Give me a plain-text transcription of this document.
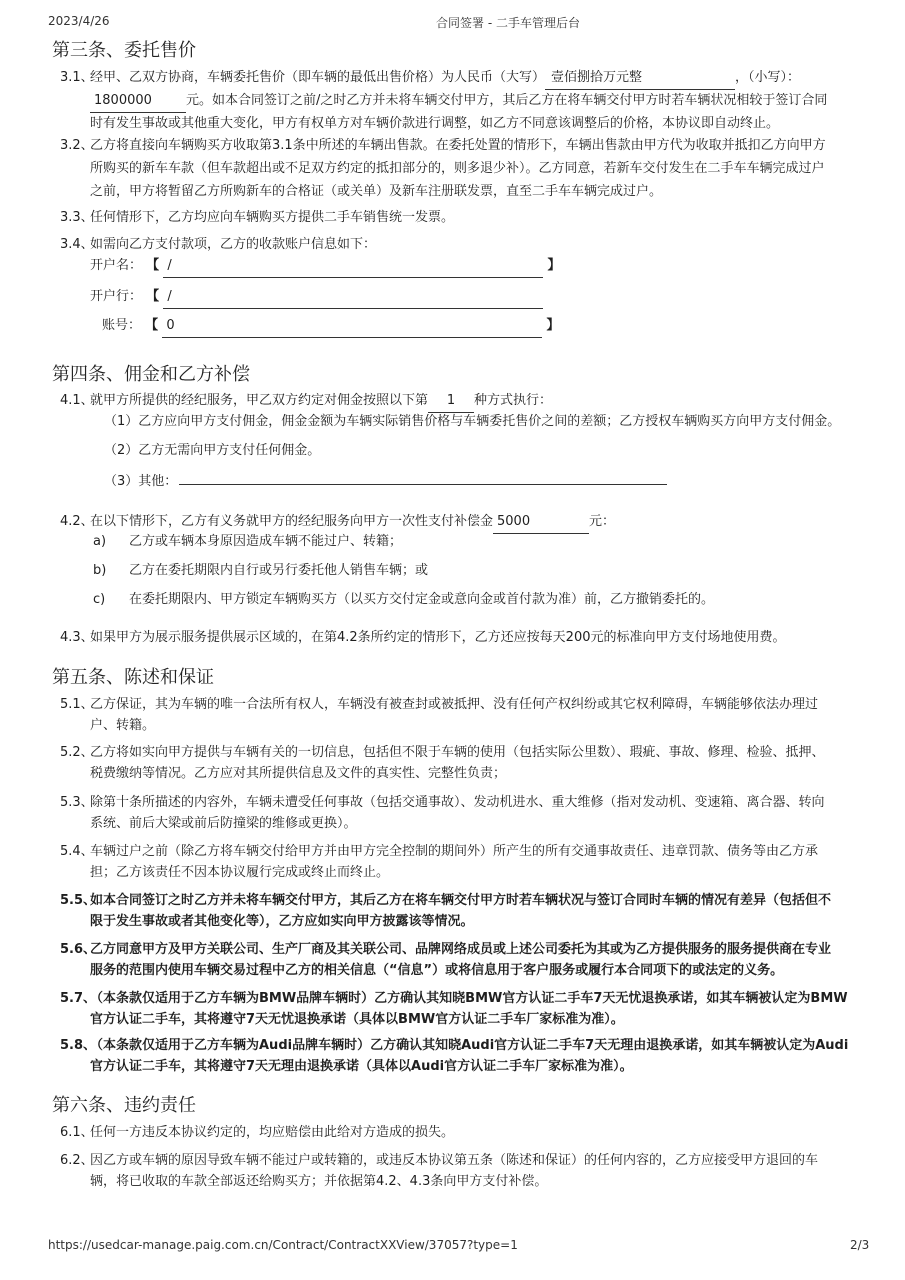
2023/4/26	合同签署 - 二手车管理后台
第三条、委托售价
3.1、经甲、乙双方协商，车辆委托售价（即车辆的最低出售价格）为人民币（大写） 壹佰捌拾万元整	，（小写）：
1800000	元。如本合同签订之前/之时乙方并未将车辆交付甲方，其后乙方在将车辆交付甲方时若车辆状况相较于签订合同
时有发生事故或其他重大变化，甲方有权单方对车辆价款进行调整，如乙方不同意该调整后的价格，本协议即自动终止。
3.2、乙方将直接向车辆购买方收取第3.1条中所述的车辆出售款。在委托处置的情形下，车辆出售款由甲方代为收取并抵扣乙方向甲方
所购买的新车车款（但车款超出或不足双方约定的抵扣部分的，则多退少补）。乙方同意，若新车交付发生在二手车车辆完成过户
之前，甲方将暂留乙方所购新车的合格证（或关单）及新车注册联发票，直至二手车车辆完成过户。
3.3、任何情形下，乙方均应向车辆购买方提供二手车销售统一发票。
3.4、如需向乙方支付款项，乙方的收款账户信息如下：
开户名： 【 /	】
开户行： 【 /
账号： 【 0	】
第四条、佣金和乙方补偿
4.1、就甲方所提供的经纪服务，甲乙双方约定对佣金按照以下第 1 种方式执行：
（1）乙方应向甲方支付佣金，佣金金额为车辆实际销售价格与车辆委托售价之间的差额；乙方授权车辆购买方向甲方支付佣金。
（2）乙方无需向甲方支付任何佣金。
（3）其他：
4.2、在以下情形下，乙方有义务就甲方的经纪服务向甲方一次性支付补偿金 5000	元：
a) 乙方或车辆本身原因造成车辆不能过户、转籍；
b) 乙方在委托期限内自行或另行委托他人销售车辆；或
c) 在委托期限内、甲方锁定车辆购买方（以买方交付定金或意向金或首付款为准）前，乙方撤销委托的。
4.3、如果甲方为展示服务提供展示区域的，在第4.2条所约定的情形下，乙方还应按每天200元的标准向甲方支付场地使用费。
第五条、陈述和保证
5.1、乙方保证，其为车辆的唯一合法所有权人，车辆没有被查封或被抵押、没有任何产权纠纷或其它权利障碍，车辆能够依法办理过
户、转籍。
5.2、乙方将如实向甲方提供与车辆有关的一切信息，包括但不限于车辆的使用（包括实际公里数）、瑕疵、事故、修理、检验、抵押、
税费缴纳等情况。乙方应对其所提供信息及文件的真实性、完整性负责；
5.3、除第十条所描述的内容外，车辆未遭受任何事故（包括交通事故）、发动机进水、重大维修（指对发动机、变速箱、离合器、转向
系统、前后大梁或前后防撞梁的维修或更换）。
5.4、车辆过户之前（除乙方将车辆交付给甲方并由甲方完全控制的期间外）所产生的所有交通事故责任、违章罚款、债务等由乙方承
担；乙方该责任不因本协议履行完成或终止而终止。
5.5、如本合同签订之时乙方并未将车辆交付甲方，其后乙方在将车辆交付甲方时若车辆状况与签订合同时车辆的情况有差异（包括但不
限于发生事故或者其他变化等），乙方应如实向甲方披露该等情况。
5.6、乙方同意甲方及甲方关联公司、生产厂商及其关联公司、品牌网络成员或上述公司委托为其或为乙方提供服务的服务提供商在专业
服务的范围内使用车辆交易过程中乙方的相关信息（“信息”）或将信息用于客户服务或履行本合同项下的或法定的义务。
5.7、（本条款仅适用于乙方车辆为BMW品牌车辆时）乙方确认其知晓BMW官方认证二手车7天无忧退换承诺，如其车辆被认定为BMW
官方认证二手车，其将遵守7天无忧退换承诺（具体以BMW官方认证二手车厂家标准为准）。
5.8、（本条款仅适用于乙方车辆为Audi品牌车辆时）乙方确认其知晓Audi官方认证二手车7天无理由退换承诺，如其车辆被认定为Audi
官方认证二手车，其将遵守7天无理由退换承诺（具体以Audi官方认证二手车厂家标准为准）。
第六条、违约责任
6.1、任何一方违反本协议约定的，均应赔偿由此给对方造成的损失。
6.2、因乙方或车辆的原因导致车辆不能过户或转籍的，或违反本协议第五条（陈述和保证）的任何内容的，乙方应接受甲方退回的车
辆，将已收取的车款全部返还给购买方；并依据第4.2、4.3条向甲方支付补偿。
https://usedcar-manage.paig.com.cn/Contract/ContractXXView/37057?type=1	2/3
